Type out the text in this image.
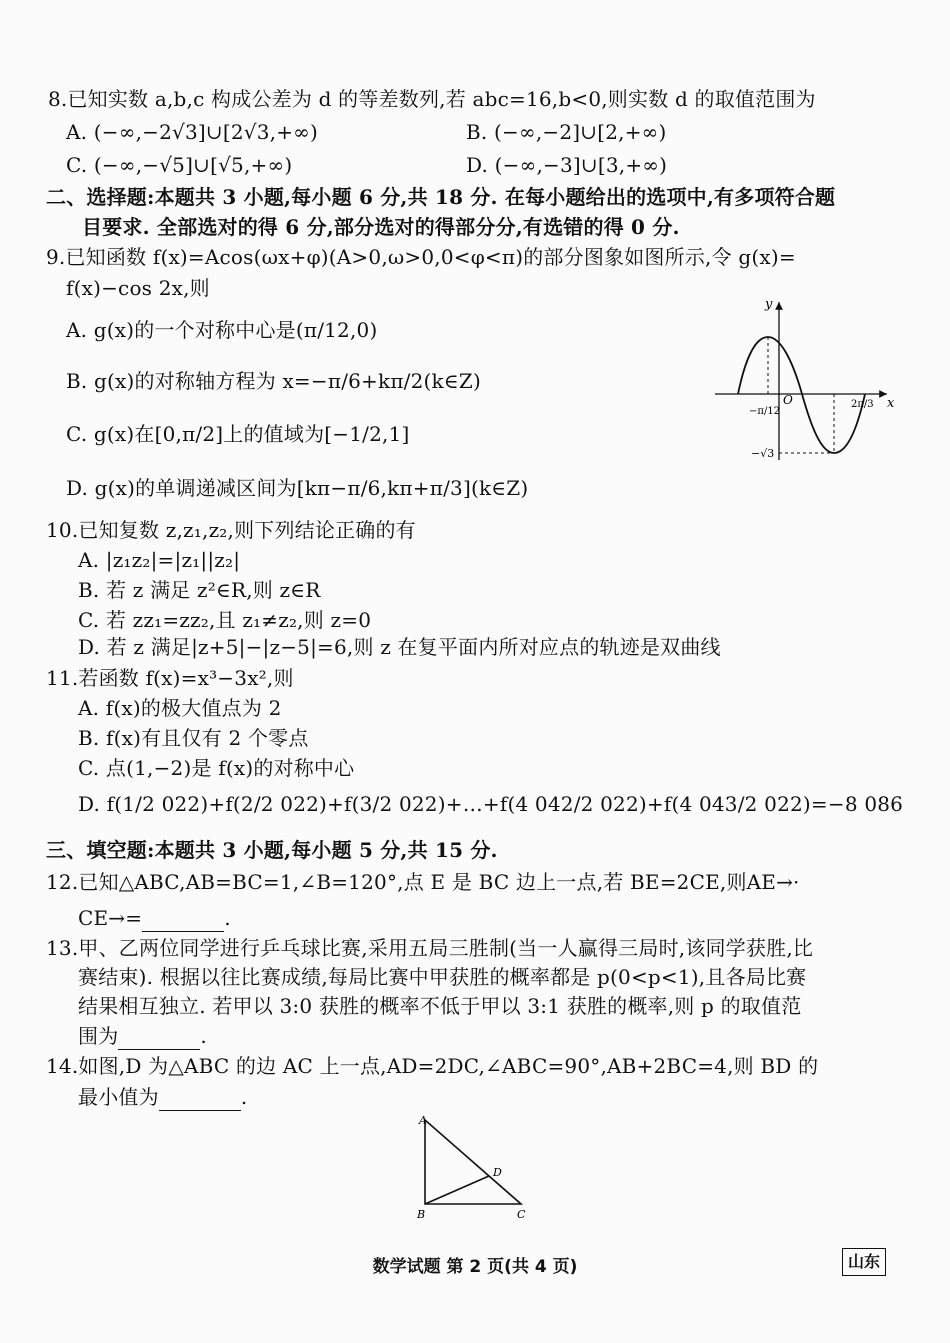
8.已知实数 a,b,c 构成公差为 d 的等差数列,若 abc=16,b<0,则实数 d 的取值范围为
A. (−∞,−2√3]∪[2√3,+∞)	B. (−∞,−2]∪[2,+∞)
C. (−∞,−√5]∪[√5,+∞)	D. (−∞,−3]∪[3,+∞)
二、选择题:本题共 3 小题,每小题 6 分,共 18 分. 在每小题给出的选项中,有多项符合题
目要求. 全部选对的得 6 分,部分选对的得部分分,有选错的得 0 分.
9.已知函数 f(x)=Acos(ωx+φ)(A>0,ω>0,0<φ<π)的部分图象如图所示,令 g(x)=
f(x)−cos 2x,则
A. g(x)的一个对称中心是(π/12,0)
B. g(x)的对称轴方程为 x=−π/6+kπ/2(k∈Z)
C. g(x)在[0,π/2]上的值域为[−1/2,1]
D. g(x)的单调递减区间为[kπ−π/6,kπ+π/3](k∈Z)
y
x
O
−π/12
2π/3
−√3
10.已知复数 z,z₁,z₂,则下列结论正确的有
A. |z₁z₂|=|z₁||z₂|
B. 若 z 满足 z²∈R,则 z∈R
C. 若 zz₁=zz₂,且 z₁≠z₂,则 z=0
D. 若 z 满足|z+5|−|z−5|=6,则 z 在复平面内所对应点的轨迹是双曲线
11.若函数 f(x)=x³−3x²,则
A. f(x)的极大值点为 2
B. f(x)有且仅有 2 个零点
C. 点(1,−2)是 f(x)的对称中心
D. f(1/2 022)+f(2/2 022)+f(3/2 022)+…+f(4 042/2 022)+f(4 043/2 022)=−8 086
三、填空题:本题共 3 小题,每小题 5 分,共 15 分.
12.已知△ABC,AB=BC=1,∠B=120°,点 E 是 BC 边上一点,若 BE=2CE,则AE→·
CE→=	.
13.甲、乙两位同学进行乒乓球比赛,采用五局三胜制(当一人赢得三局时,该同学获胜,比
赛结束). 根据以往比赛成绩,每局比赛中甲获胜的概率都是 p(0<p<1),且各局比赛
结果相互独立. 若甲以 3:0 获胜的概率不低于甲以 3:1 获胜的概率,则 p 的取值范
围为	.
14.如图,D 为△ABC 的边 AC 上一点,AD=2DC,∠ABC=90°,AB+2BC=4,则 BD 的
最小值为	.
A
B	C
D
数学试题 第 2 页(共 4 页)	山东
